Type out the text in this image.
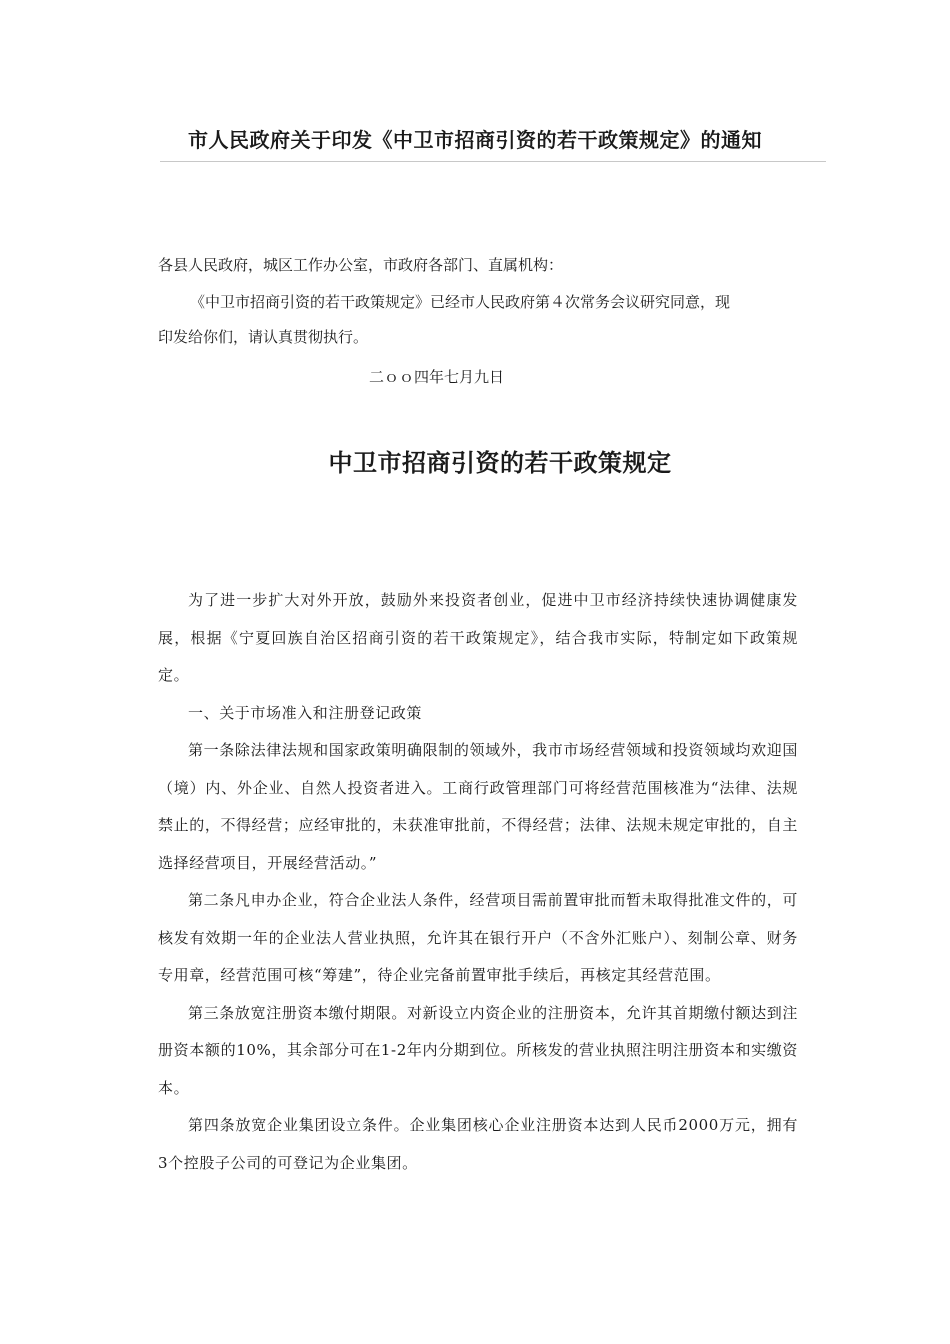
市人民政府关于印发《中卫市招商引资的若干政策规定》的通知

各县人民政府，城区工作办公室，市政府各部门、直属机构：

《中卫市招商引资的若干政策规定》已经市人民政府第４次常务会议研究同意，现

印发给你们，请认真贯彻执行。

二ｏｏ四年七月九日
中卫市招商引资的若干政策规定

为了进一步扩大对外开放，鼓励外来投资者创业，促进中卫市经济持续快速协调健康发展，根据《宁夏回族自治区招商引资的若干政策规定》，结合我市实际，特制定如下政策规定。

一、关于市场准入和注册登记政策

第一条除法律法规和国家政策明确限制的领域外，我市市场经营领域和投资领域均欢迎国（境）内、外企业、自然人投资者进入。工商行政管理部门可将经营范围核准为“法律、法规禁止的，不得经营；应经审批的，未获准审批前，不得经营；法律、法规未规定审批的，自主选择经营项目，开展经营活动。”

第二条凡申办企业，符合企业法人条件，经营项目需前置审批而暂未取得批准文件的，可核发有效期一年的企业法人营业执照，允许其在银行开户（不含外汇账户）、刻制公章、财务专用章，经营范围可核“筹建”，待企业完备前置审批手续后，再核定其经营范围。

第三条放宽注册资本缴付期限。对新设立内资企业的注册资本，允许其首期缴付额达到注册资本额的10%，其余部分可在1-2年内分期到位。所核发的营业执照注明注册资本和实缴资本。

第四条放宽企业集团设立条件。企业集团核心企业注册资本达到人民币2000万元，拥有3个控股子公司的可登记为企业集团。
